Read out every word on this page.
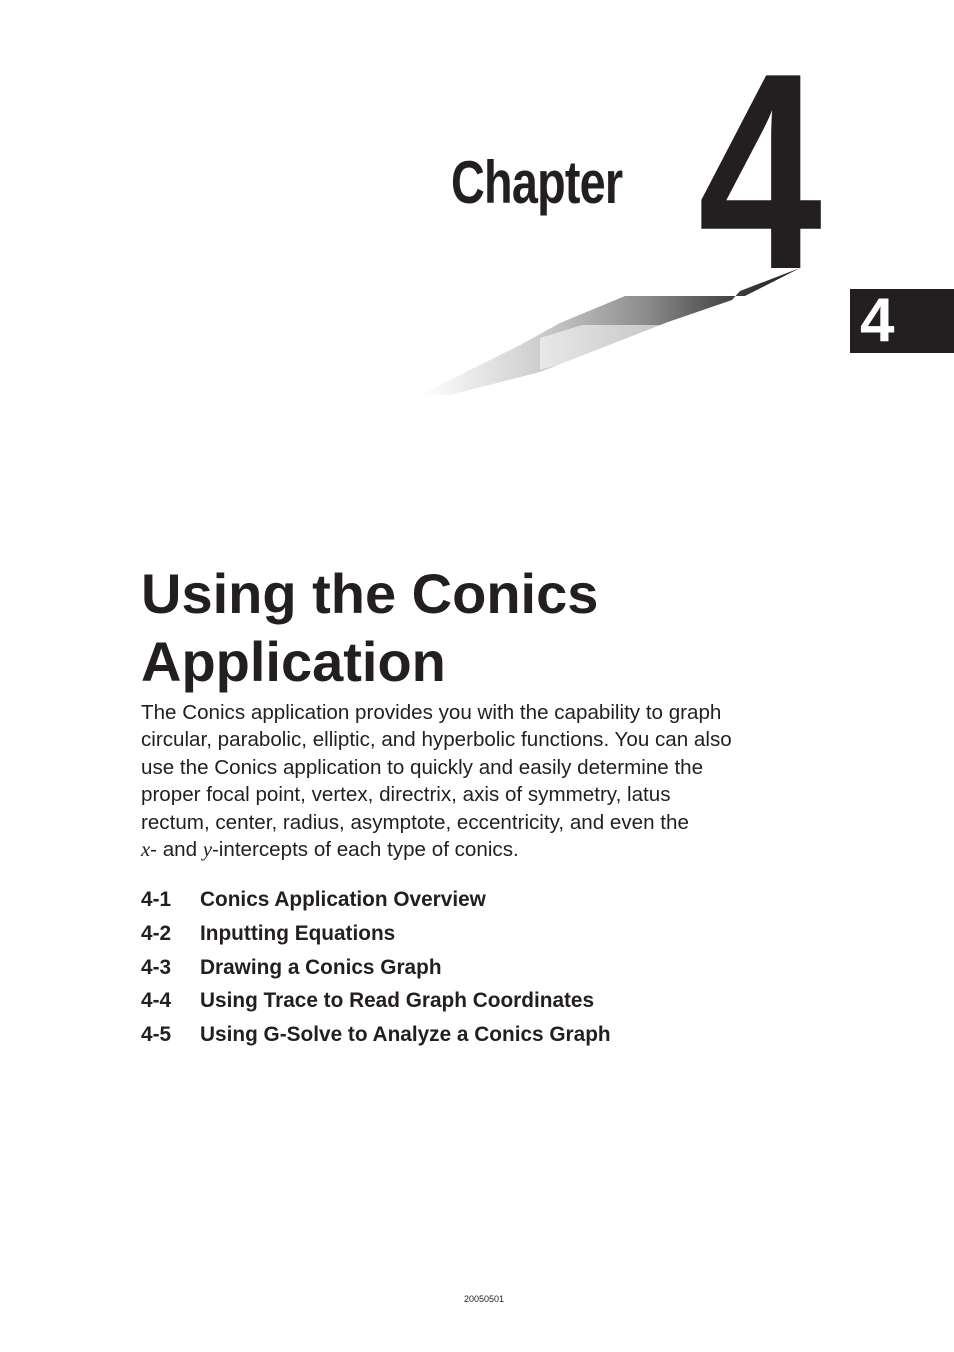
Chapter 4 4
Using the Conics
Application

The Conics application provides you with the capability to graph
circular, parabolic, elliptic, and hyperbolic functions. You can also
use the Conics application to quickly and easily determine the
proper focal point, vertex, directrix, axis of symmetry, latus
rectum, center, radius, asymptote, eccentricity, and even the
x- and y-intercepts of each type of conics.

4-1 Conics Application Overview
4-2 Inputting Equations
4-3 Drawing a Conics Graph
4-4 Using Trace to Read Graph Coordinates
4-5 Using G-Solve to Analyze a Conics Graph
20050501
